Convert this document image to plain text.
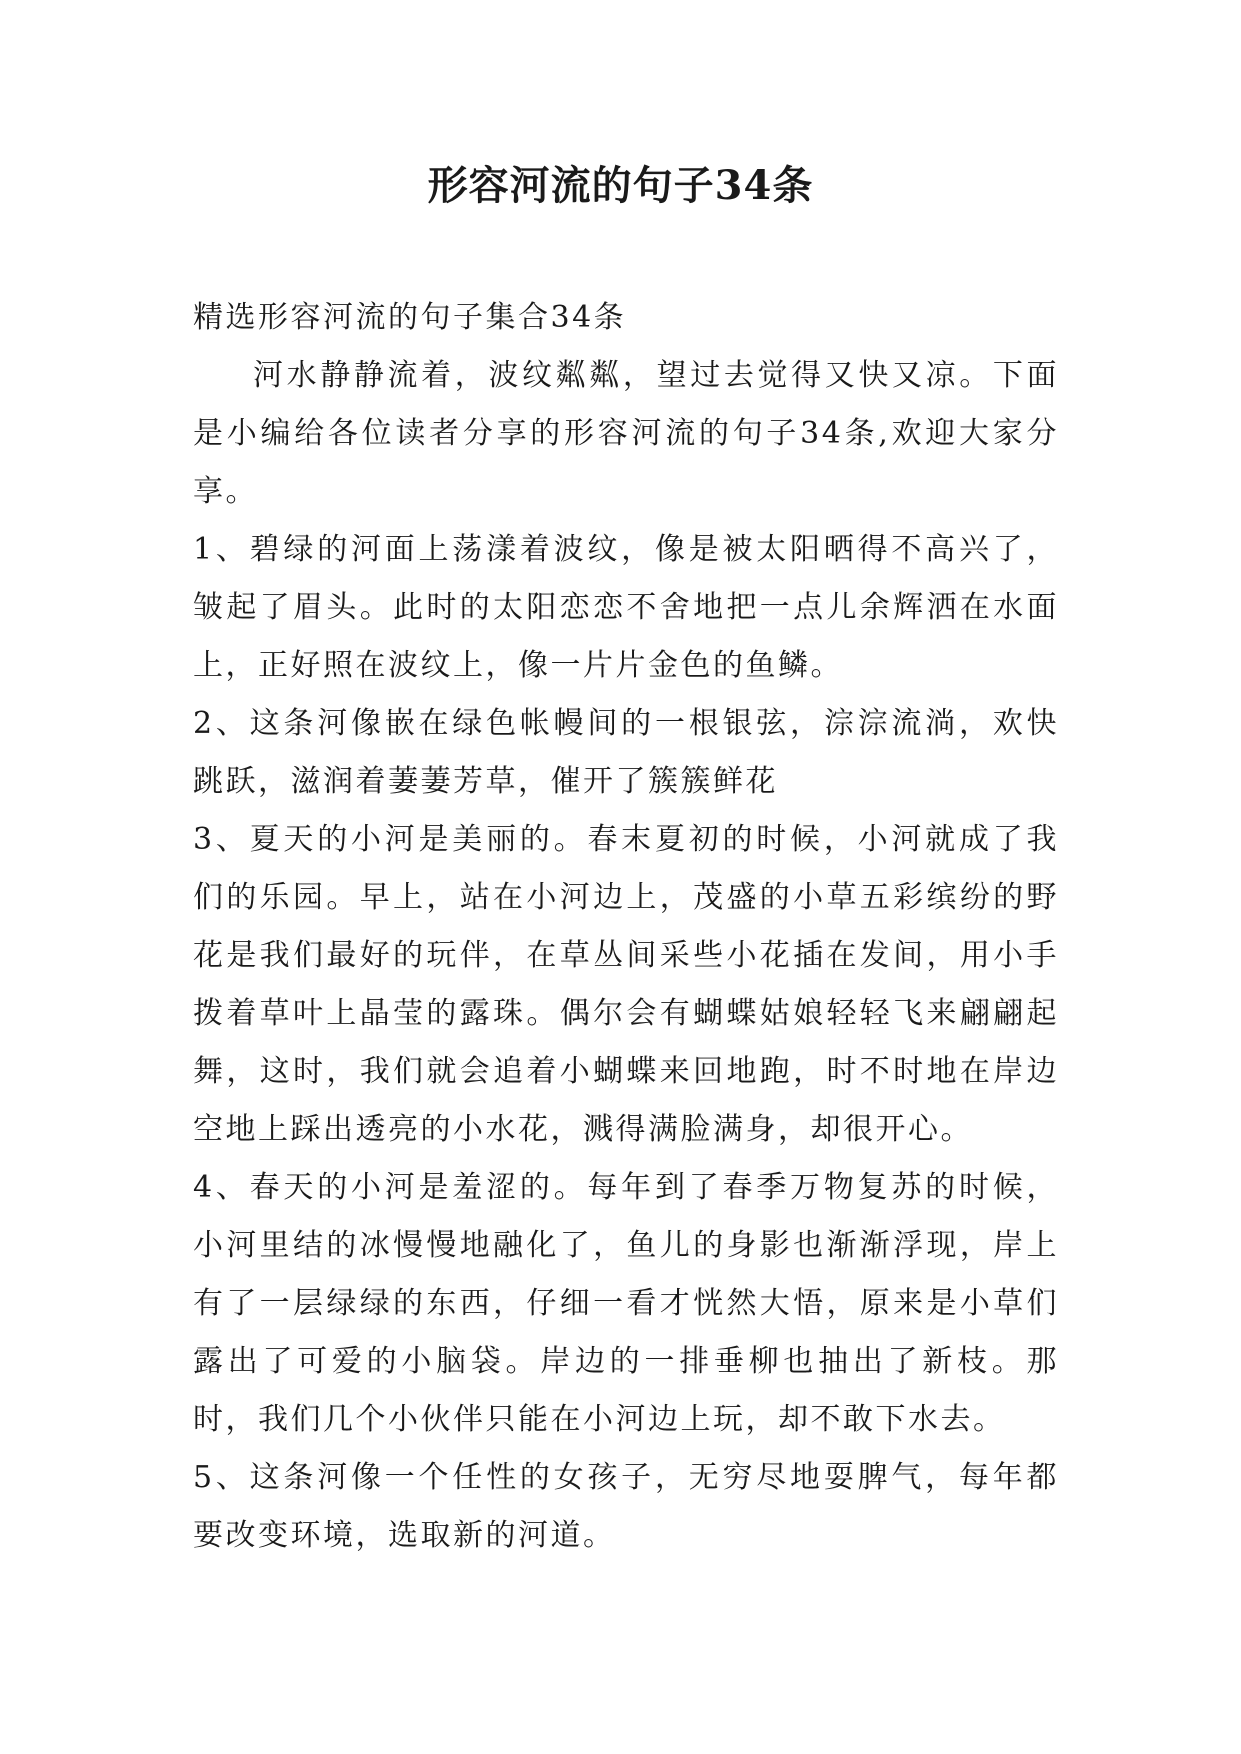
形容河流的句子34条

精选形容河流的句子集合34条

河水静静流着，波纹粼粼，望过去觉得又快又凉。下面是小编给各位读者分享的形容河流的句子34条,欢迎大家分享。

1、碧绿的河面上荡漾着波纹，像是被太阳晒得不高兴了，皱起了眉头。此时的太阳恋恋不舍地把一点儿余辉洒在水面上，正好照在波纹上，像一片片金色的鱼鳞。

2、这条河像嵌在绿色帐幔间的一根银弦，淙淙流淌，欢快跳跃，滋润着萋萋芳草，催开了簇簇鲜花

3、夏天的小河是美丽的。春末夏初的时候，小河就成了我们的乐园。早上，站在小河边上，茂盛的小草五彩缤纷的野花是我们最好的玩伴，在草丛间采些小花插在发间，用小手拨着草叶上晶莹的露珠。偶尔会有蝴蝶姑娘轻轻飞来翩翩起舞，这时，我们就会追着小蝴蝶来回地跑，时不时地在岸边空地上踩出透亮的小水花，溅得满脸满身，却很开心。

4、春天的小河是羞涩的。每年到了春季万物复苏的时候，小河里结的冰慢慢地融化了，鱼儿的身影也渐渐浮现，岸上有了一层绿绿的东西，仔细一看才恍然大悟，原来是小草们露出了可爱的小脑袋。岸边的一排垂柳也抽出了新枝。那时，我们几个小伙伴只能在小河边上玩，却不敢下水去。

5、这条河像一个任性的女孩子，无穷尽地耍脾气，每年都要改变环境，选取新的河道。
